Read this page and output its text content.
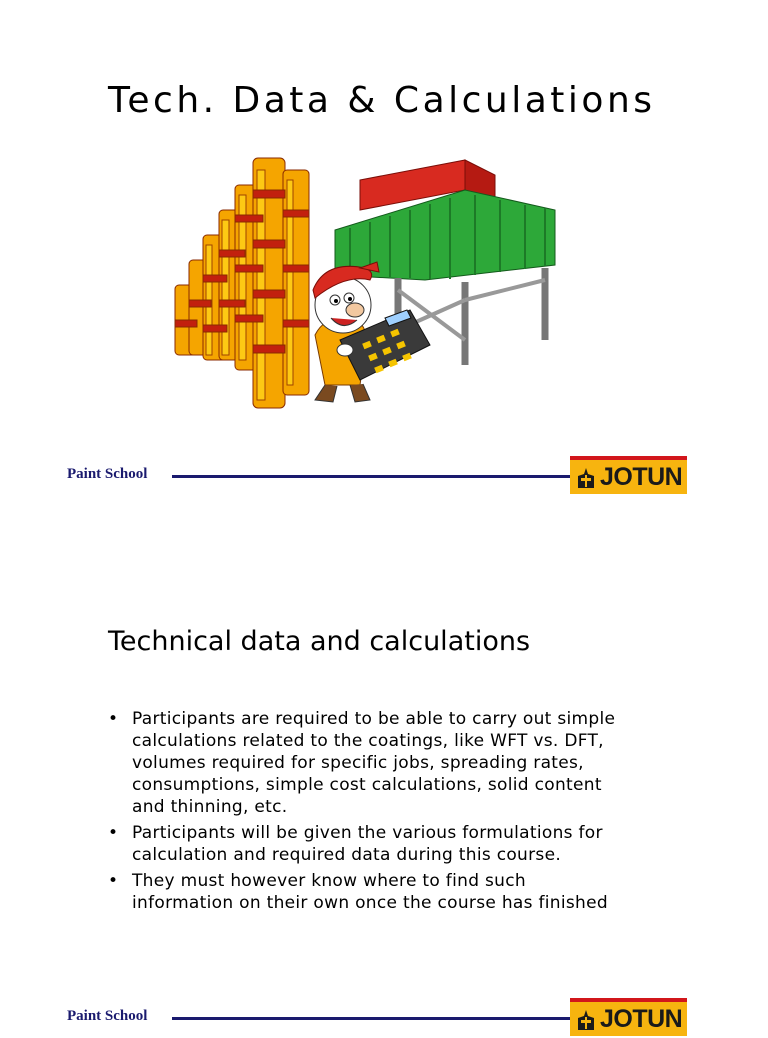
Tech. Data & Calculations
Paint School	JOTUN
Technical data and calculations
• Participants are required to be able to carry out simple calculations related to the coatings, like WFT vs. DFT, volumes required for specific jobs, spreading rates, consumptions, simple cost calculations, solid content and thinning, etc.
• Participants will be given the various formulations for calculation and required data during this course.
• They must however know where to find such information on their own once the course has finished
Paint School	JOTUN
